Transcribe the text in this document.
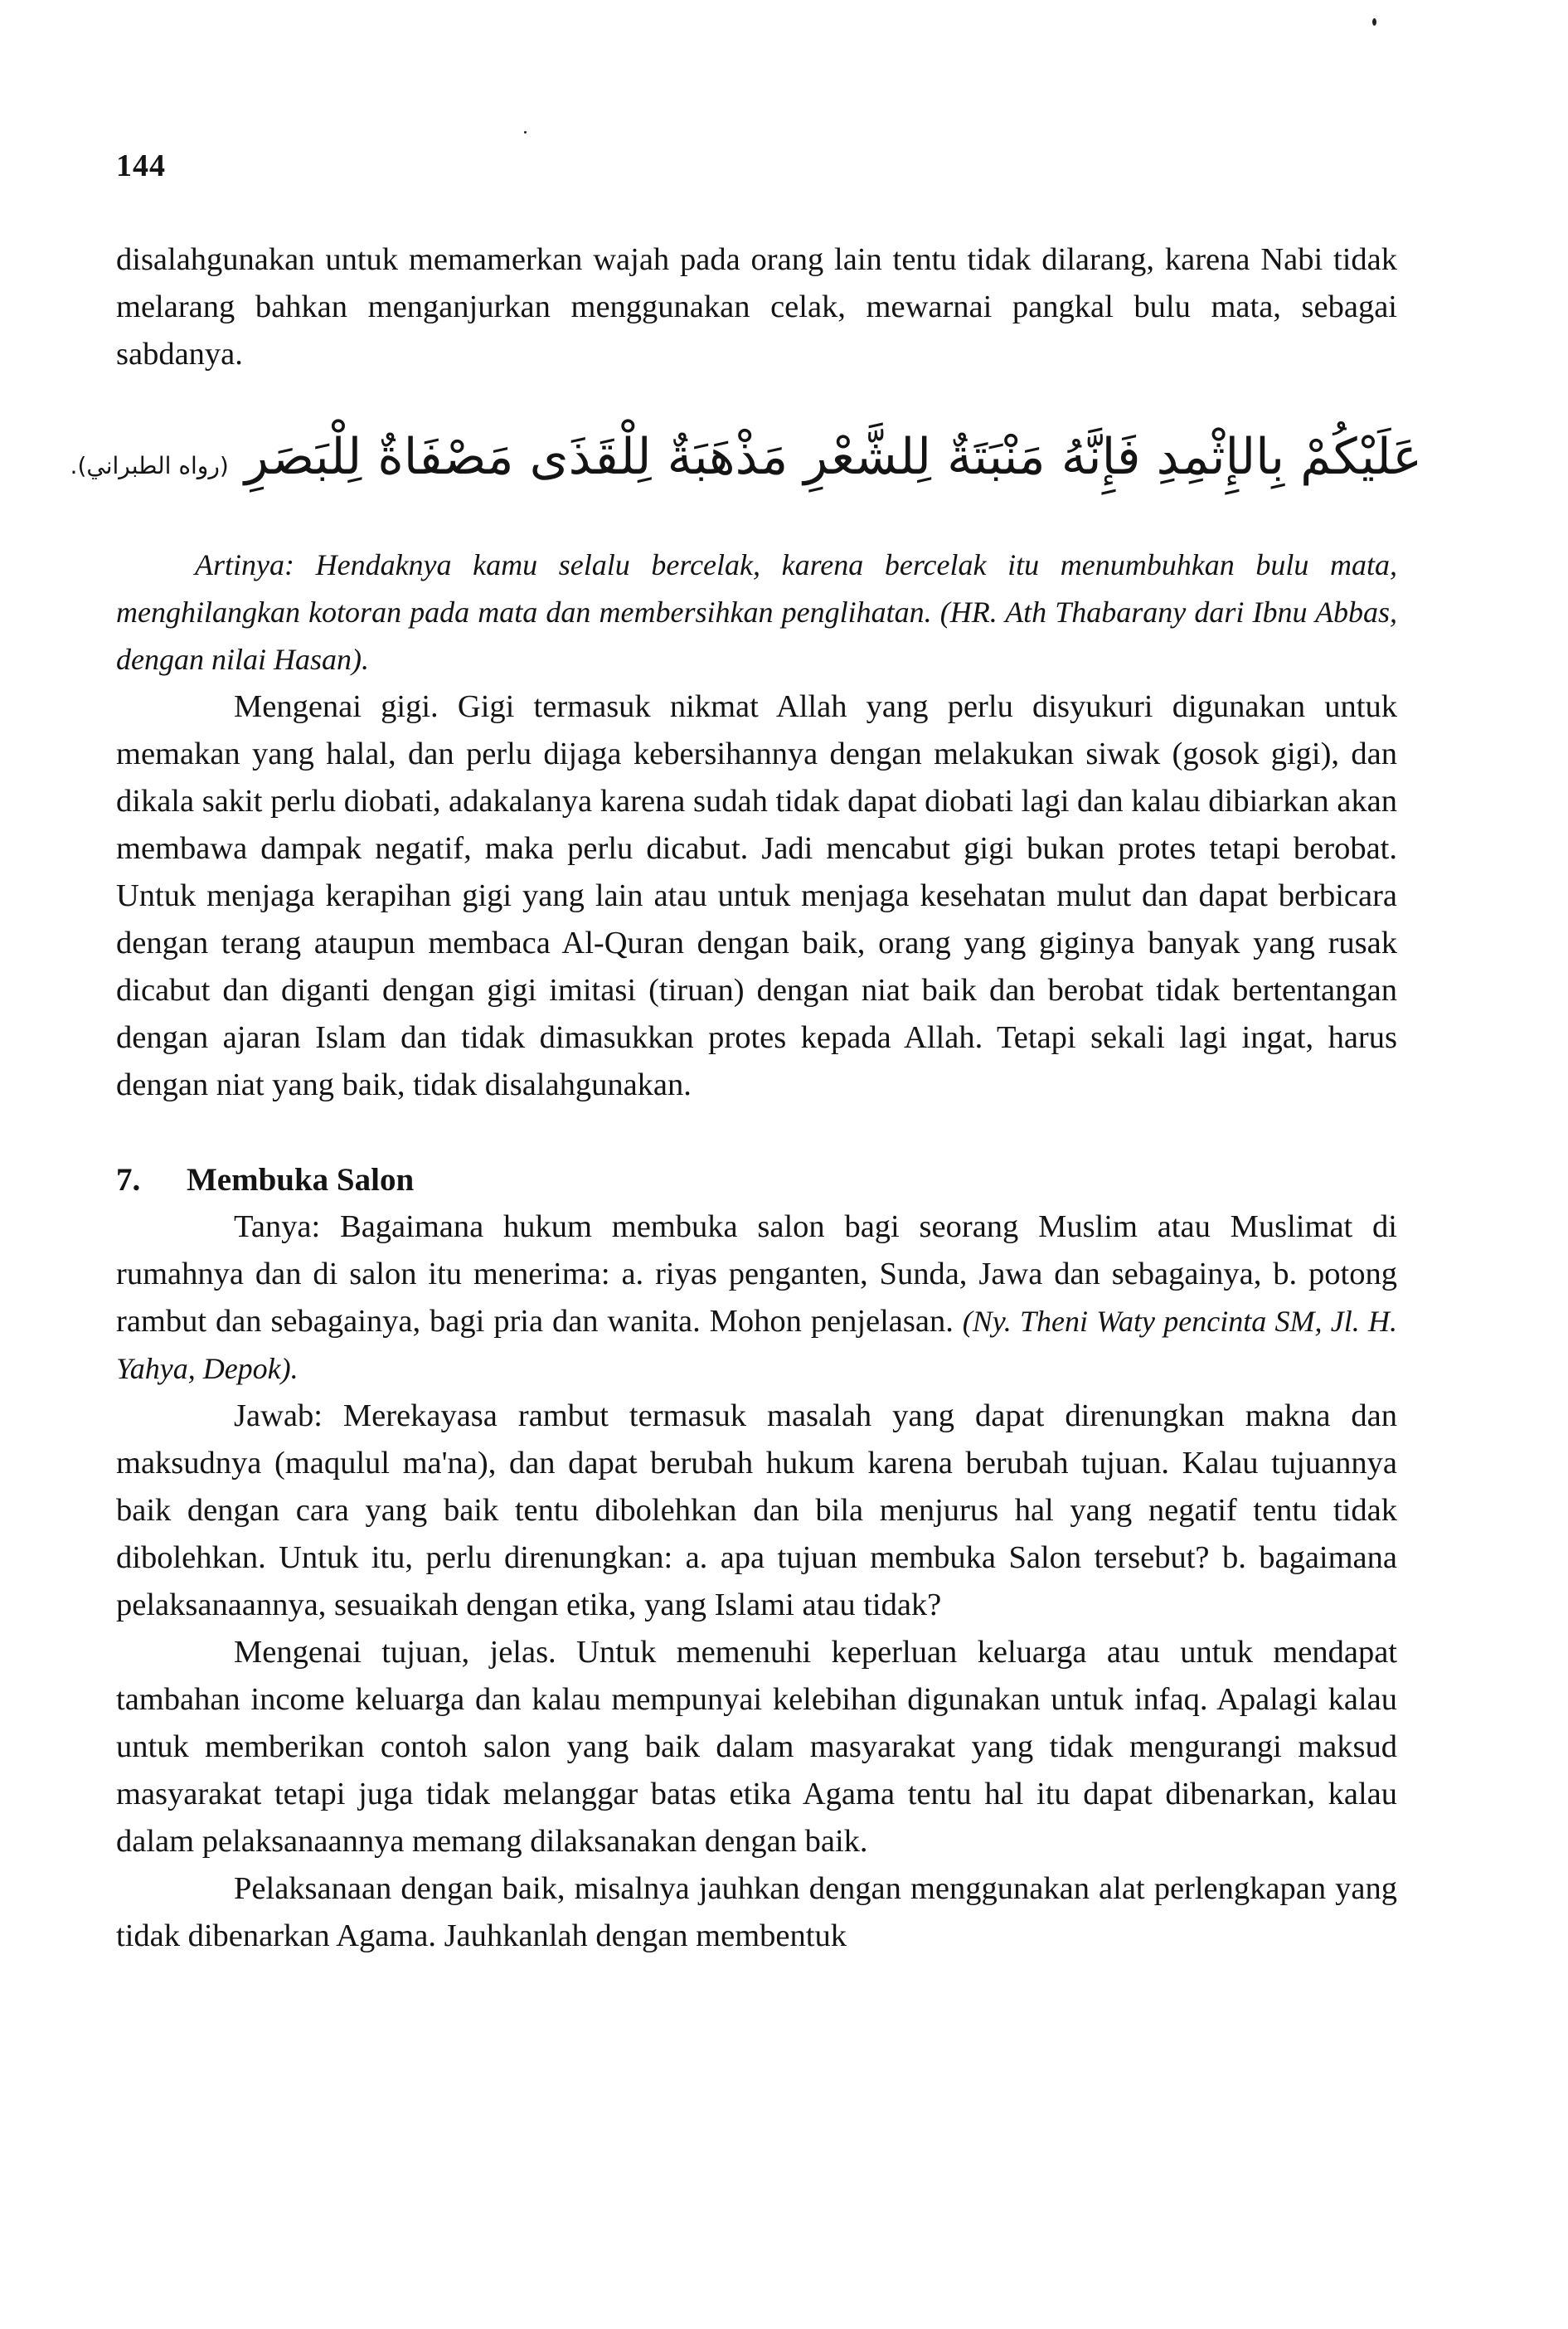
144

disalahgunakan untuk memamerkan wajah pada orang lain tentu tidak dilarang, karena Nabi tidak melarang bahkan menganjurkan menggunakan celak, mewarnai pangkal bulu mata, sebagai sabdanya.

عَلَيْكُمْ بِالإِثْمِدِ فَإِنَّهُ مَنْبَتَةٌ لِلشَّعْرِ مَذْهَبَةٌ لِلْقَذَى مَصْفَاةٌ لِلْبَصَرِ (رواه الطبراني).

Artinya: Hendaknya kamu selalu bercelak, karena bercelak itu menumbuhkan bulu mata, menghilangkan kotoran pada mata dan membersihkan penglihatan. (HR. Ath Thabarany dari Ibnu Abbas, dengan nilai Hasan).

Mengenai gigi. Gigi termasuk nikmat Allah yang perlu disyukuri digunakan untuk memakan yang halal, dan perlu dijaga kebersihannya dengan melakukan siwak (gosok gigi), dan dikala sakit perlu diobati, adakalanya karena sudah tidak dapat diobati lagi dan kalau dibiarkan akan membawa dampak negatif, maka perlu dicabut. Jadi mencabut gigi bukan protes tetapi berobat. Untuk menjaga kerapihan gigi yang lain atau untuk menjaga kesehatan mulut dan dapat berbicara dengan terang ataupun membaca Al-Quran dengan baik, orang yang giginya banyak yang rusak dicabut dan diganti dengan gigi imitasi (tiruan) dengan niat baik dan berobat tidak bertentangan dengan ajaran Islam dan tidak dimasukkan protes kepada Allah. Tetapi sekali lagi ingat, harus dengan niat yang baik, tidak disalahgunakan.

7. Membuka Salon

Tanya: Bagaimana hukum membuka salon bagi seorang Muslim atau Muslimat di rumahnya dan di salon itu menerima: a. riyas penganten, Sunda, Jawa dan sebagainya, b. potong rambut dan sebagainya, bagi pria dan wanita. Mohon penjelasan. (Ny. Theni Waty pencinta SM, Jl. H. Yahya, Depok).

Jawab: Merekayasa rambut termasuk masalah yang dapat direnungkan makna dan maksudnya (maqulul ma'na), dan dapat berubah hukum karena berubah tujuan. Kalau tujuannya baik dengan cara yang baik tentu dibolehkan dan bila menjurus hal yang negatif tentu tidak dibolehkan. Untuk itu, perlu direnungkan: a. apa tujuan membuka Salon tersebut? b. bagaimana pelaksanaannya, sesuaikah dengan etika, yang Islami atau tidak?

Mengenai tujuan, jelas. Untuk memenuhi keperluan keluarga atau untuk mendapat tambahan income keluarga dan kalau mempunyai kelebihan digunakan untuk infaq. Apalagi kalau untuk memberikan contoh salon yang baik dalam masyarakat yang tidak mengurangi maksud masyarakat tetapi juga tidak melanggar batas etika Agama tentu hal itu dapat dibenarkan, kalau dalam pelaksanaannya memang dilaksanakan dengan baik.

Pelaksanaan dengan baik, misalnya jauhkan dengan menggunakan alat perlengkapan yang tidak dibenarkan Agama. Jauhkanlah dengan membentuk
